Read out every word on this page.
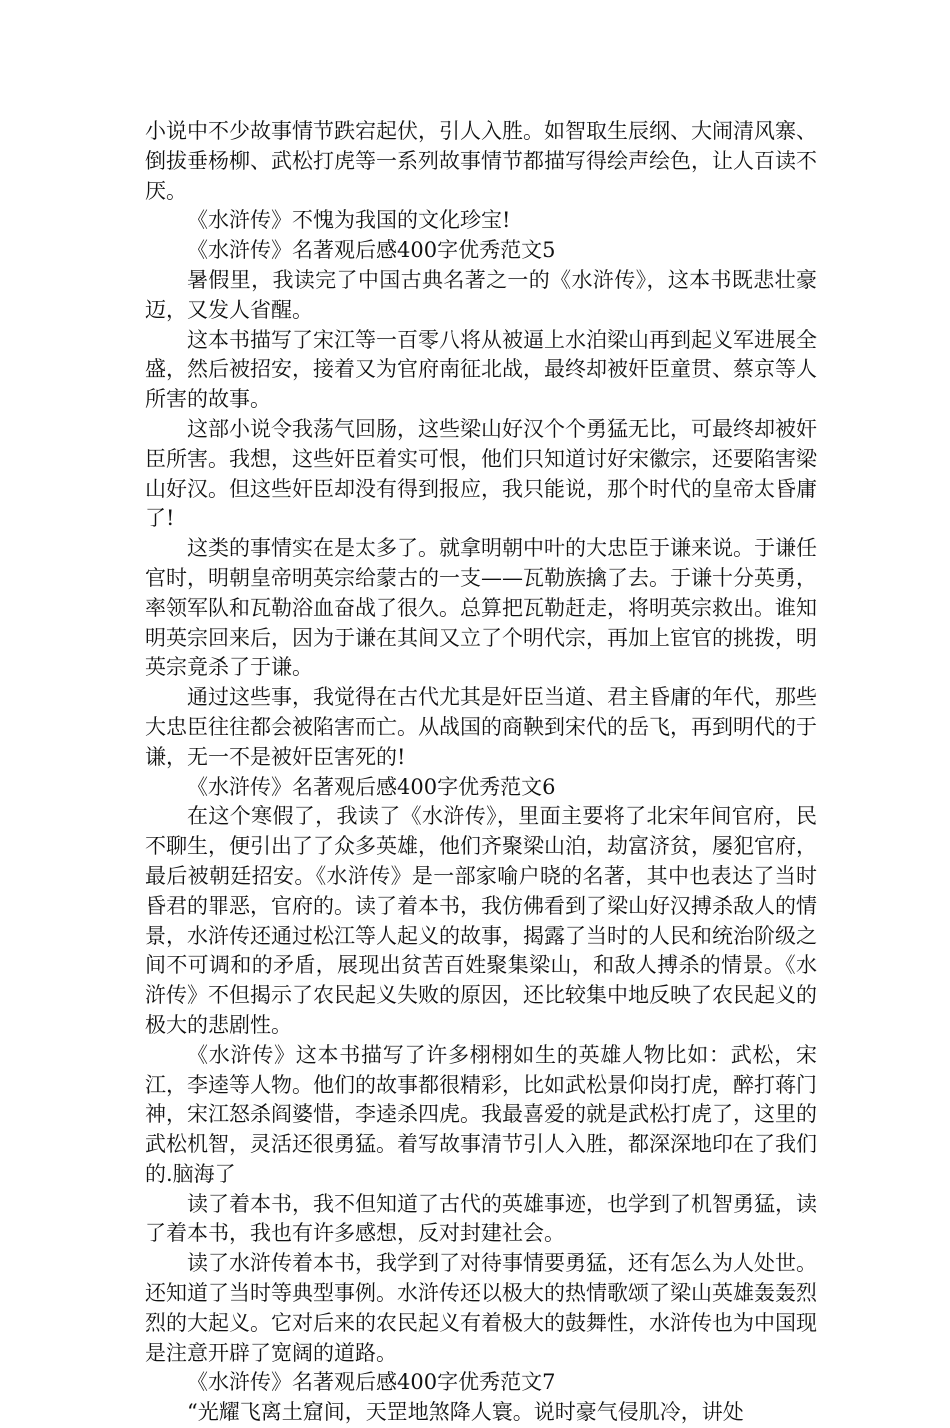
小说中不少故事情节跌宕起伏，引人入胜。如智取生辰纲、大闹清风寨、倒拔垂杨柳、武松打虎等一系列故事情节都描写得绘声绘色，让人百读不厌。

《水浒传》不愧为我国的文化珍宝!

《水浒传》名著观后感400字优秀范文5

暑假里，我读完了中国古典名著之一的《水浒传》，这本书既悲壮豪迈，又发人省醒。

这本书描写了宋江等一百零八将从被逼上水泊梁山再到起义军进展全盛，然后被招安，接着又为官府南征北战，最终却被奸臣童贯、蔡京等人所害的故事。

这部小说令我荡气回肠，这些梁山好汉个个勇猛无比，可最终却被奸臣所害。我想，这些奸臣着实可恨，他们只知道讨好宋徽宗，还要陷害梁山好汉。但这些奸臣却没有得到报应，我只能说，那个时代的皇帝太昏庸了!

这类的事情实在是太多了。就拿明朝中叶的大忠臣于谦来说。于谦任官时，明朝皇帝明英宗给蒙古的一支——瓦勒族擒了去。于谦十分英勇，率领军队和瓦勒浴血奋战了很久。总算把瓦勒赶走，将明英宗救出。谁知明英宗回来后，因为于谦在其间又立了个明代宗，再加上宦官的挑拨，明英宗竟杀了于谦。

通过这些事，我觉得在古代尤其是奸臣当道、君主昏庸的年代，那些大忠臣往往都会被陷害而亡。从战国的商鞅到宋代的岳飞，再到明代的于谦，无一不是被奸臣害死的!

《水浒传》名著观后感400字优秀范文6

在这个寒假了，我读了《水浒传》，里面主要将了北宋年间官府，民不聊生，便引出了了众多英雄，他们齐聚梁山泊，劫富济贫，屡犯官府，最后被朝廷招安。《水浒传》是一部家喻户晓的名著，其中也表达了当时昏君的罪恶，官府的。读了着本书，我仿佛看到了梁山好汉搏杀敌人的情景，水浒传还通过松江等人起义的故事，揭露了当时的人民和统治阶级之间不可调和的矛盾，展现出贫苦百姓聚集梁山，和敌人搏杀的情景。《水浒传》不但揭示了农民起义失败的原因，还比较集中地反映了农民起义的极大的悲剧性。

《水浒传》这本书描写了许多栩栩如生的英雄人物比如：武松，宋江，李逵等人物。他们的故事都很精彩，比如武松景仰岗打虎，醉打蒋门神，宋江怒杀阎婆惜，李逵杀四虎。我最喜爱的就是武松打虎了，这里的武松机智，灵活还很勇猛。着写故事清节引人入胜，都深深地印在了我们的.脑海了

读了着本书，我不但知道了古代的英雄事迹，也学到了机智勇猛，读了着本书，我也有许多感想，反对封建社会。

读了水浒传着本书，我学到了对待事情要勇猛，还有怎么为人处世。还知道了当时等典型事例。水浒传还以极大的热情歌颂了梁山英雄轰轰烈烈的大起义。它对后来的农民起义有着极大的鼓舞性，水浒传也为中国现是注意开辟了宽阔的道路。

《水浒传》名著观后感400字优秀范文7

“光耀飞离土窟间，天罡地煞降人寰。说时豪气侵肌冷，讲处
